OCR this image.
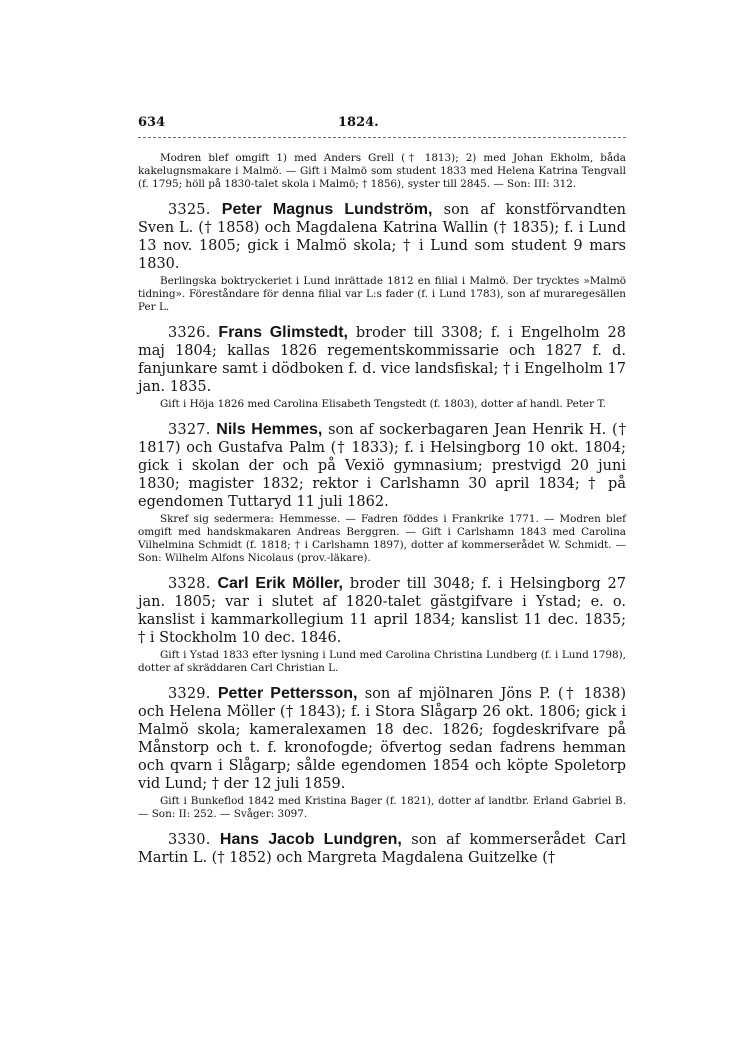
634	1824.

Modren blef omgift 1) med Anders Grell († 1813); 2) med Johan Ekholm, båda kakelugnsmakare i Malmö. — Gift i Malmö som student 1833 med Helena Katrina Tengvall (f. 1795; höll på 1830-talet skola i Malmö; † 1856), syster till 2845. — Son: III: 312.

3325. Peter Magnus Lundström, son af konstförvandten Sven L. († 1858) och Magdalena Katrina Wallin († 1835); f. i Lund 13 nov. 1805; gick i Malmö skola; † i Lund som student 9 mars 1830.

Berlingska boktryckeriet i Lund inrättade 1812 en filial i Malmö. Der trycktes »Malmö tidning». Föreståndare för denna filial var L:s fader (f. i Lund 1783), son af muraregesällen Per L.

3326. Frans Glimstedt, broder till 3308; f. i Engelholm 28 maj 1804; kallas 1826 regementskommissarie och 1827 f. d. fanjunkare samt i dödboken f. d. vice landsfiskal; † i Engelholm 17 jan. 1835.

Gift i Höja 1826 med Carolina Elisabeth Tengstedt (f. 1803), dotter af handl. Peter T.

3327. Nils Hemmes, son af sockerbagaren Jean Henrik H. († 1817) och Gustafva Palm († 1833); f. i Helsingborg 10 okt. 1804; gick i skolan der och på Vexiö gymnasium; prestvigd 20 juni 1830; magister 1832; rektor i Carlshamn 30 april 1834; † på egendomen Tuttaryd 11 juli 1862.

Skref sig sedermera: Hemmesse. — Fadren föddes i Frankrike 1771. — Modren blef omgift med handskmakaren Andreas Berggren. — Gift i Carlshamn 1843 med Carolina Vilhelmina Schmidt (f. 1818; † i Carlshamn 1897), dotter af kommerserådet W. Schmidt. — Son: Wilhelm Alfons Nicolaus (prov.-läkare).

3328. Carl Erik Möller, broder till 3048; f. i Helsingborg 27 jan. 1805; var i slutet af 1820-talet gästgifvare i Ystad; e. o. kanslist i kammarkollegium 11 april 1834; kanslist 11 dec. 1835; † i Stockholm 10 dec. 1846.

Gift i Ystad 1833 efter lysning i Lund med Carolina Christina Lundberg (f. i Lund 1798), dotter af skräddaren Carl Christian L.

3329. Petter Pettersson, son af mjölnaren Jöns P. († 1838) och Helena Möller († 1843); f. i Stora Slågarp 26 okt. 1806; gick i Malmö skola; kameralexamen 18 dec. 1826; fogdeskrifvare på Månstorp och t. f. kronofogde; öfvertog sedan fadrens hemman och qvarn i Slågarp; sålde egendomen 1854 och köpte Spoletorp vid Lund; † der 12 juli 1859.

Gift i Bunkeflod 1842 med Kristina Bager (f. 1821), dotter af landtbr. Erland Gabriel B. — Son: II: 252. — Svåger: 3097.

3330. Hans Jacob Lundgren, son af kommerserådet Carl Martin L. († 1852) och Margreta Magdalena Guitzelke (†
